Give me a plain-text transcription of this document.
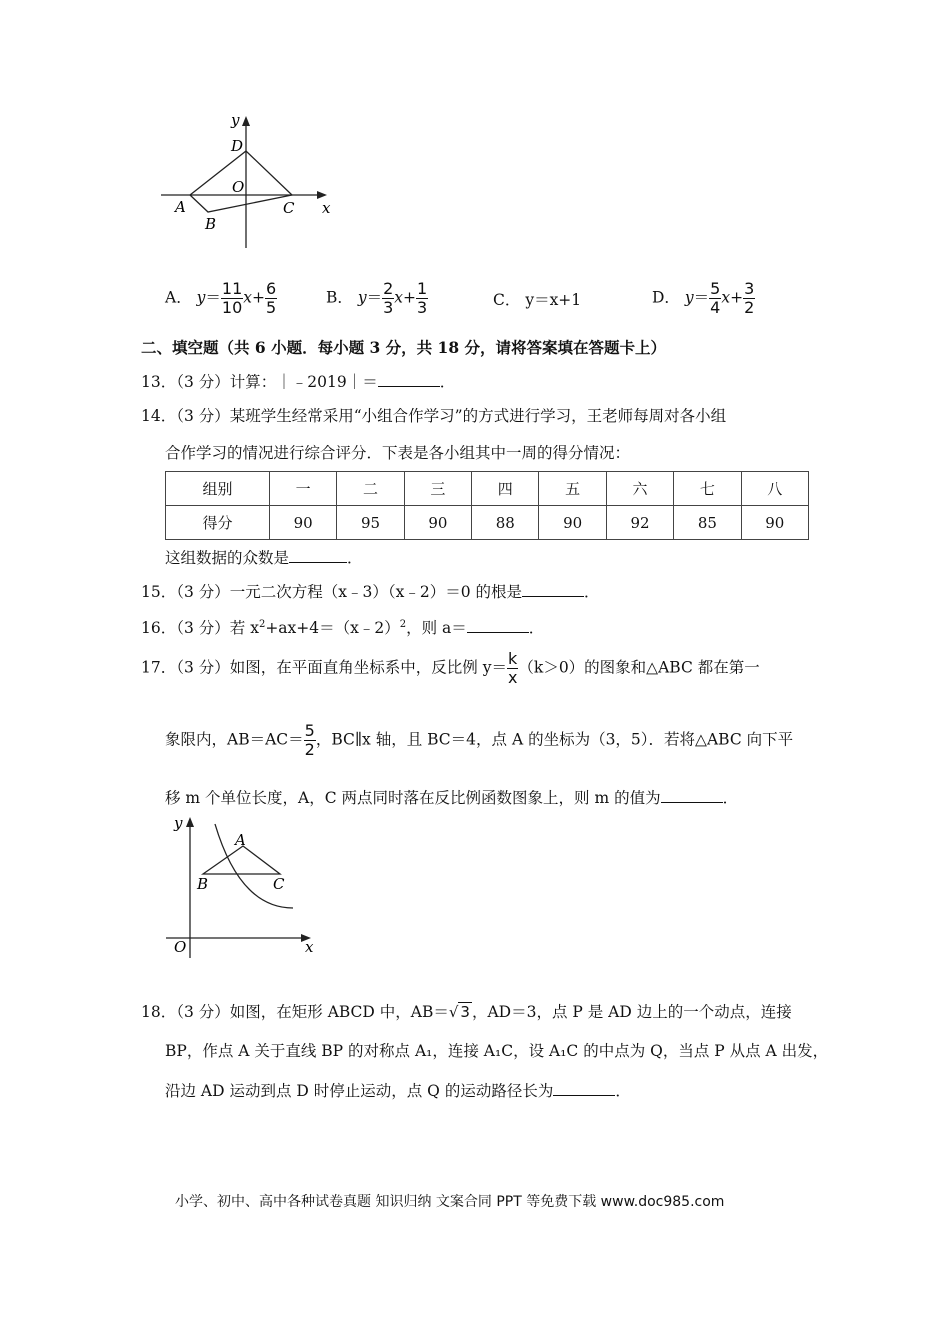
y
x
D
O
A
B
C
A． $y= \frac{11}{10} x+ \frac{6}{5}$	B． $y= \frac{2}{3} x+ \frac{1}{3}$	C． y＝x+1	D． $y= \frac{5}{4} x+ \frac{3}{2}$
二、填空题（共 6 小题．每小题 3 分，共 18 分，请将答案填在答题卡上）
13．（3 分）计算：｜﹣2019｜＝	．
14．（3 分）某班学生经常采用“小组合作学习”的方式进行学习，王老师每周对各小组
合作学习的情况进行综合评分．下表是各小组其中一周的得分情况：
组别	一	二	三	四	五	六	七	八
得分	90	95	90	88	90	92	85	90
这组数据的众数是	．
15．（3 分）一元二次方程（x﹣3）（x﹣2）＝0 的根是	．
16．（3 分）若 $x^2+ax+4=(x﹣2)^2$，则 a＝	．
17．（3 分）如图，在平面直角坐标系中，反比例 $y= \frac{k}{x} (k>0)$的图象和△ABC 都在第一
象限内，$AB=AC= \frac{5}{2}$ ，BC∥x 轴，且 BC＝4，点 A 的坐标为（3，5）．若将△ABC 向下平
移 m 个单位长度，A，C 两点同时落在反比例函数图象上，则 m 的值为	．
y
x
O
A
B	C
18．（3 分）如图，在矩形 ABCD 中，AB＝√ 3 ，AD＝3，点 P 是 AD 边上的一个动点，连接
BP，作点 A 关于直线 BP 的对称点 A₁，连接 A₁C，设 A₁C 的中点为 Q，当点 P 从点 A 出发，
沿边 AD 运动到点 D 时停止运动，点 Q 的运动路径长为	．
小学、初中、高中各种试卷真题 知识归纳 文案合同 PPT 等免费下载 www.doc985.com
